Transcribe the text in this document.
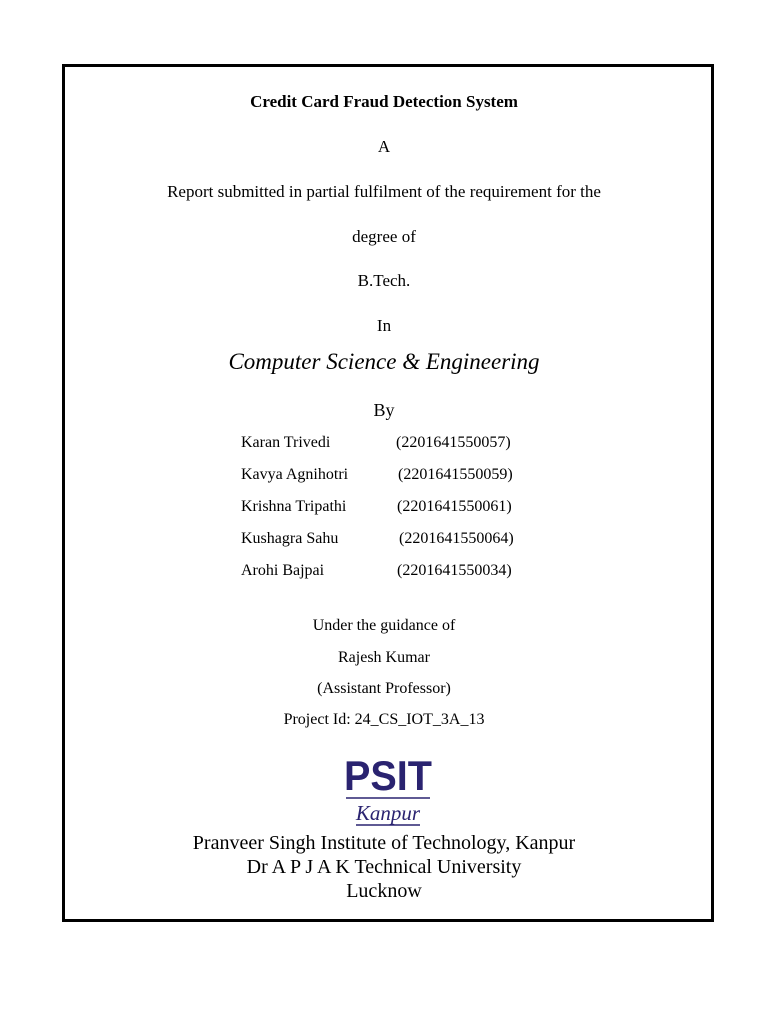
Credit Card Fraud Detection System
A
Report submitted in partial fulfilment of the requirement for the
degree of
B.Tech.
In
Computer Science & Engineering
By
Karan Trivedi	(2201641550057)
Kavya Agnihotri	(2201641550059)
Krishna Tripathi	(2201641550061)
Kushagra Sahu	(2201641550064)
Arohi Bajpai	(2201641550034)
Under the guidance of
Rajesh Kumar
(Assistant Professor)
Project Id: 24_CS_IOT_3A_13
PSIT
Kanpur
Pranveer Singh Institute of Technology, Kanpur
Dr A P J A K Technical University
Lucknow
